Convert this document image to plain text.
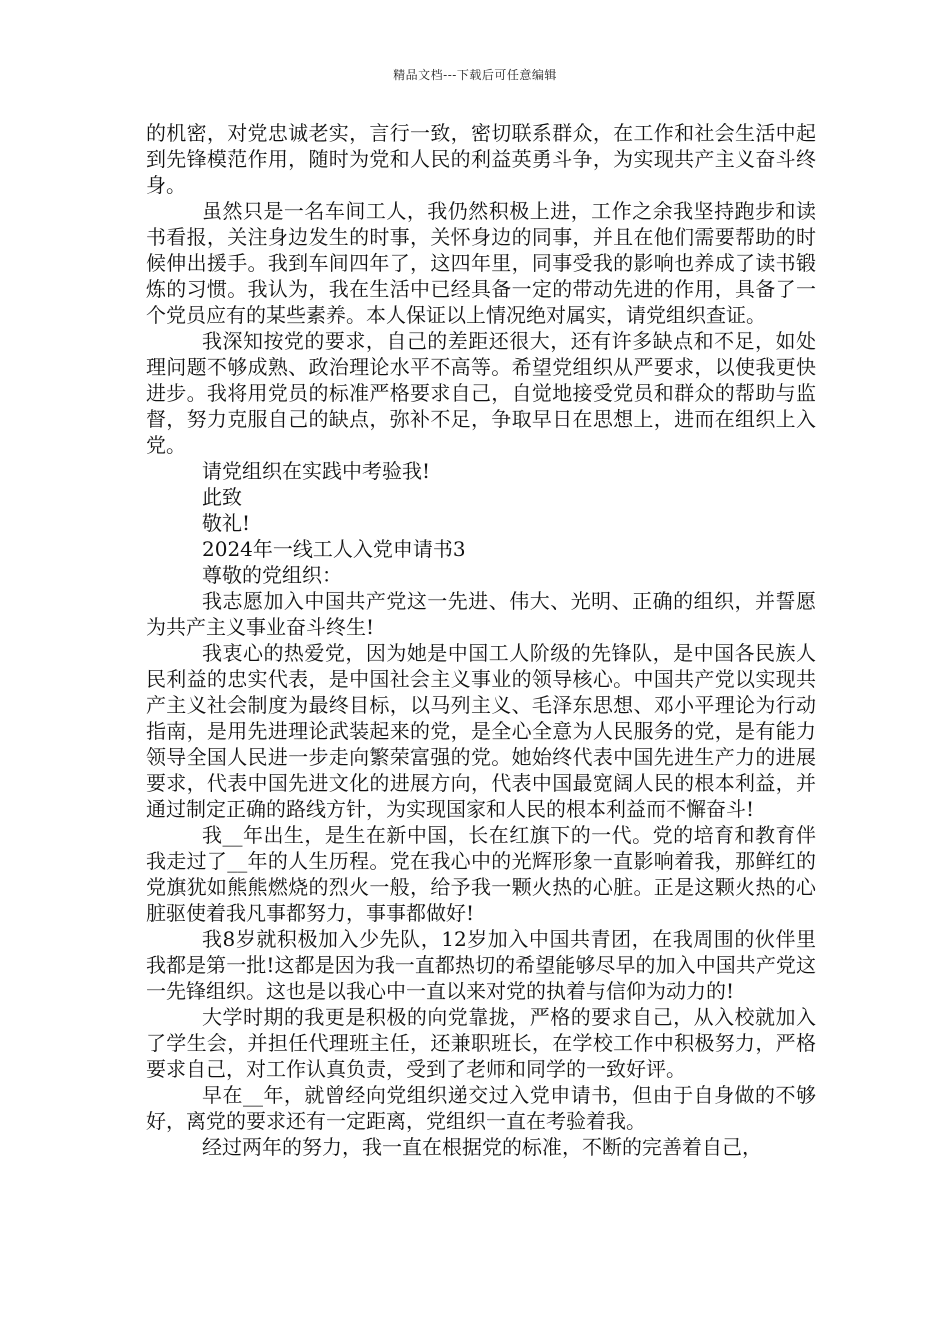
精品文档---下载后可任意编辑

的机密，对党忠诚老实，言行一致，密切联系群众，在工作和社会生活中起到先锋模范作用，随时为党和人民的利益英勇斗争，为实现共产主义奋斗终身。

虽然只是一名车间工人，我仍然积极上进，工作之余我坚持跑步和读书看报，关注身边发生的时事，关怀身边的同事，并且在他们需要帮助的时候伸出援手。我到车间四年了，这四年里，同事受我的影响也养成了读书锻炼的习惯。我认为，我在生活中已经具备一定的带动先进的作用，具备了一个党员应有的某些素养。本人保证以上情况绝对属实，请党组织查证。

我深知按党的要求，自己的差距还很大，还有许多缺点和不足，如处理问题不够成熟、政治理论水平不高等。希望党组织从严要求，以使我更快进步。我将用党员的标准严格要求自己，自觉地接受党员和群众的帮助与监督，努力克服自己的缺点，弥补不足，争取早日在思想上，进而在组织上入党。

请党组织在实践中考验我!

此致

敬礼!

2024年一线工人入党申请书3

尊敬的党组织：

我志愿加入中国共产党这一先进、伟大、光明、正确的组织，并誓愿为共产主义事业奋斗终生!

我衷心的热爱党，因为她是中国工人阶级的先锋队，是中国各民族人民利益的忠实代表，是中国社会主义事业的领导核心。中国共产党以实现共产主义社会制度为最终目标，以马列主义、毛泽东思想、邓小平理论为行动指南，是用先进理论武装起来的党，是全心全意为人民服务的党，是有能力领导全国人民进一步走向繁荣富强的党。她始终代表中国先进生产力的进展要求，代表中国先进文化的进展方向，代表中国最宽阔人民的根本利益，并通过制定正确的路线方针，为实现国家和人民的根本利益而不懈奋斗!

我__年出生，是生在新中国，长在红旗下的一代。党的培育和教育伴我走过了__年的人生历程。党在我心中的光辉形象一直影响着我，那鲜红的党旗犹如熊熊燃烧的烈火一般，给予我一颗火热的心脏。正是这颗火热的心脏驱使着我凡事都努力，事事都做好!

我8岁就积极加入少先队，12岁加入中国共青团，在我周围的伙伴里我都是第一批!这都是因为我一直都热切的希望能够尽早的加入中国共产党这一先锋组织。这也是以我心中一直以来对党的执着与信仰为动力的!

大学时期的我更是积极的向党靠拢，严格的要求自己，从入校就加入了学生会，并担任代理班主任，还兼职班长，在学校工作中积极努力，严格要求自己，对工作认真负责，受到了老师和同学的一致好评。

早在__年，就曾经向党组织递交过入党申请书，但由于自身做的不够好，离党的要求还有一定距离，党组织一直在考验着我。

经过两年的努力，我一直在根据党的标准，不断的完善着自己，
